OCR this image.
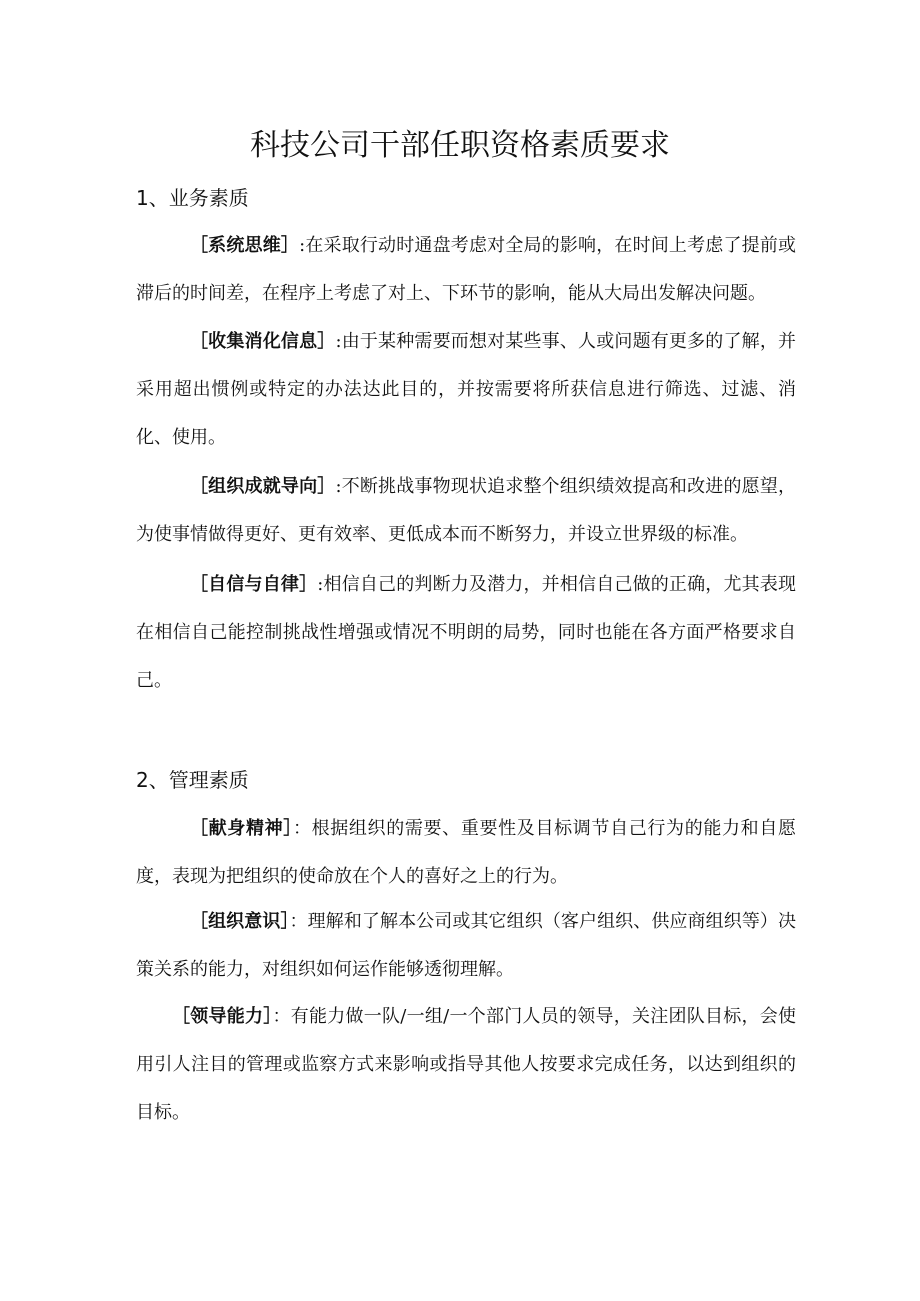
科技公司干部任职资格素质要求
1、业务素质

［系统思维］:在采取行动时通盘考虑对全局的影响，在时间上考虑了提前或滞后的时间差，在程序上考虑了对上、下环节的影响，能从大局出发解决问题。

［收集消化信息］:由于某种需要而想对某些事、人或问题有更多的了解，并采用超出惯例或特定的办法达此目的，并按需要将所获信息进行筛选、过滤、消化、使用。

［组织成就导向］:不断挑战事物现状追求整个组织绩效提高和改进的愿望，为使事情做得更好、更有效率、更低成本而不断努力，并设立世界级的标准。

［自信与自律］:相信自己的判断力及潜力，并相信自己做的正确，尤其表现在相信自己能控制挑战性增强或情况不明朗的局势，同时也能在各方面严格要求自己。

2、管理素质

［献身精神］：根据组织的需要、重要性及目标调节自己行为的能力和自愿度，表现为把组织的使命放在个人的喜好之上的行为。

［组织意识］：理解和了解本公司或其它组织（客户组织、供应商组织等）决策关系的能力，对组织如何运作能够透彻理解。

［领导能力］：有能力做一队/一组/一个部门人员的领导，关注团队目标，会使用引人注目的管理或监察方式来影响或指导其他人按要求完成任务，以达到组织的目标。
